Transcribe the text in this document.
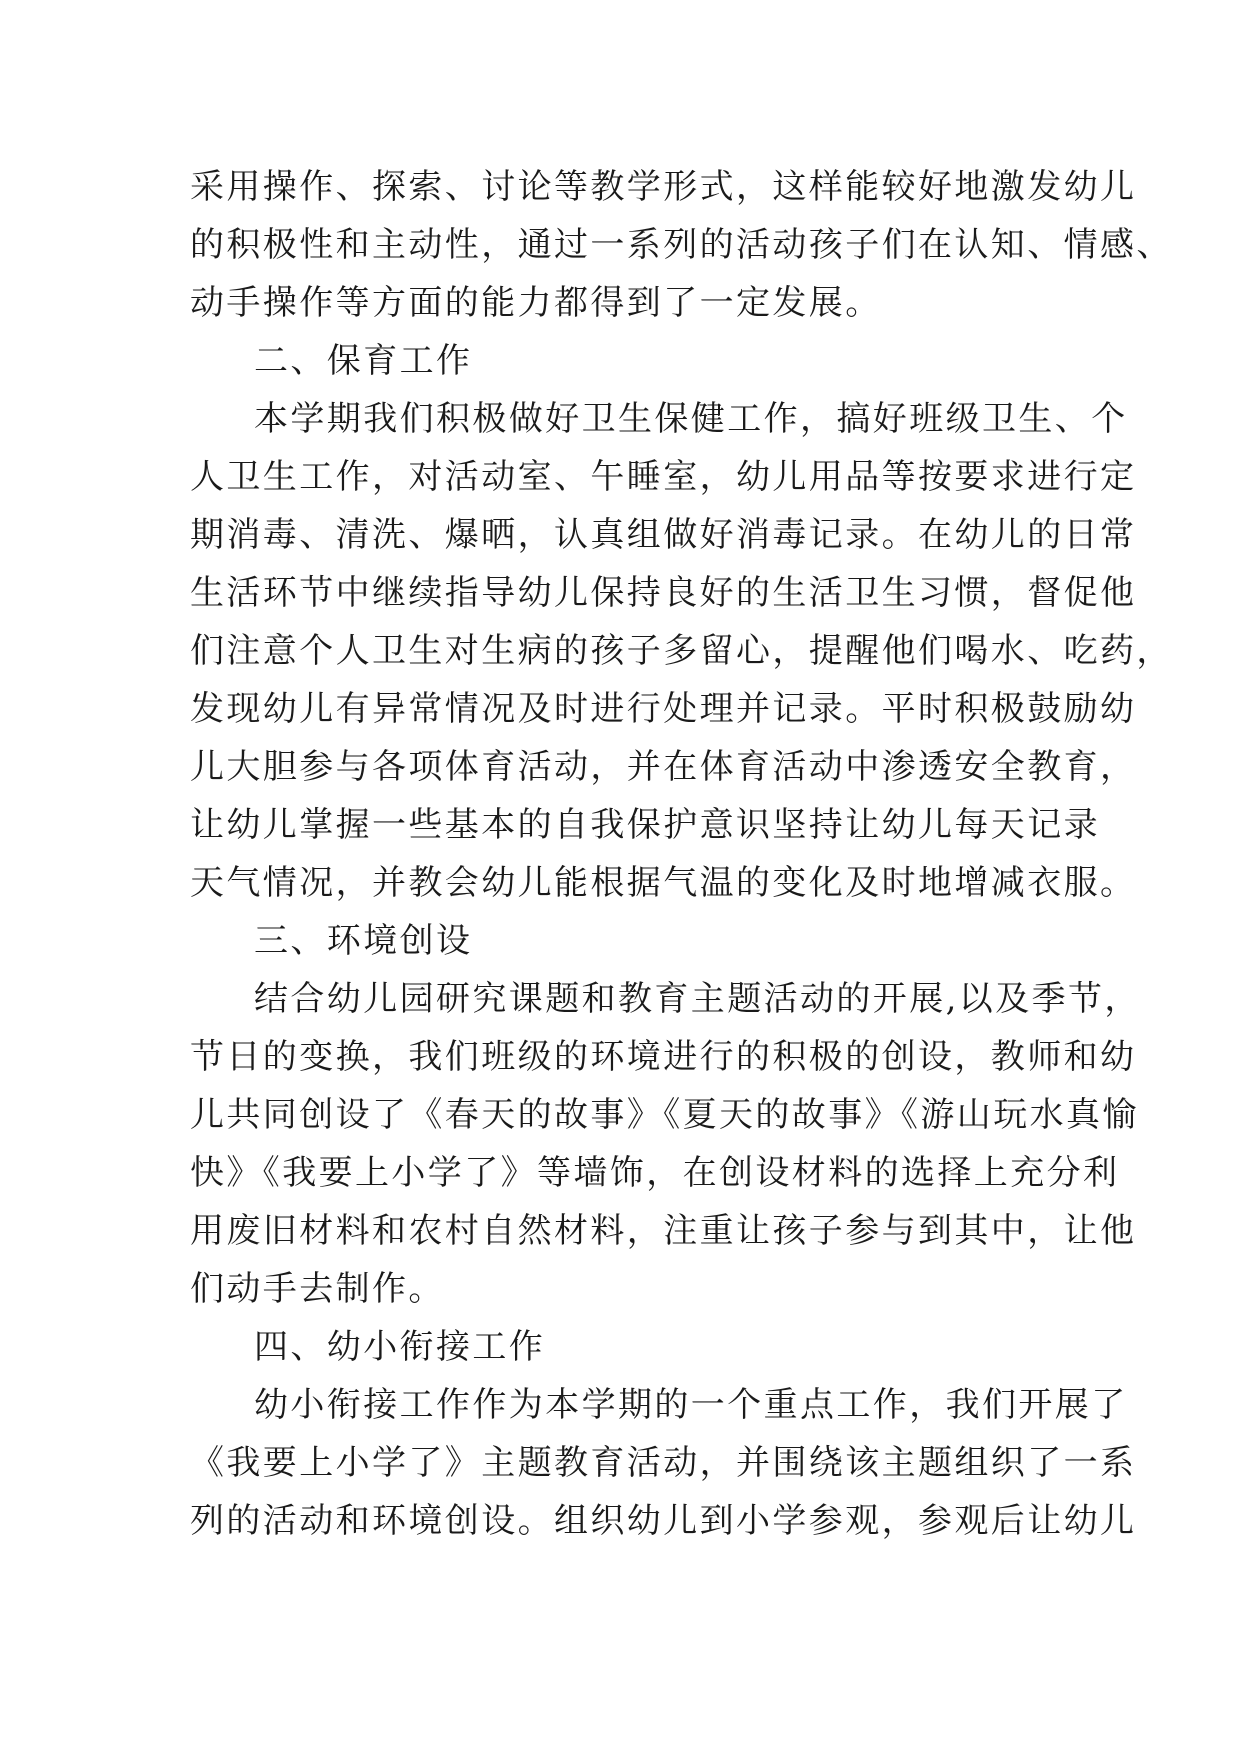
采用操作、探索、讨论等教学形式，这样能较好地激发幼儿
的积极性和主动性，通过一系列的活动孩子们在认知、情感、
动手操作等方面的能力都得到了一定发展。
二、保育工作
本学期我们积极做好卫生保健工作，搞好班级卫生、个
人卫生工作，对活动室、午睡室，幼儿用品等按要求进行定
期消毒、清洗、爆晒，认真组做好消毒记录。在幼儿的日常
生活环节中继续指导幼儿保持良好的生活卫生习惯，督促他
们注意个人卫生对生病的孩子多留心，提醒他们喝水、吃药，
发现幼儿有异常情况及时进行处理并记录。平时积极鼓励幼
儿大胆参与各项体育活动，并在体育活动中渗透安全教育，
让幼儿掌握一些基本的自我保护意识坚持让幼儿每天记录
天气情况，并教会幼儿能根据气温的变化及时地增减衣服。
三、环境创设
结合幼儿园研究课题和教育主题活动的开展,以及季节，
节日的变换，我们班级的环境进行的积极的创设，教师和幼
儿共同创设了《春天的故事》《夏天的故事》《游山玩水真愉
快》《我要上小学了》等墙饰，在创设材料的选择上充分利
用废旧材料和农村自然材料，注重让孩子参与到其中，让他
们动手去制作。
四、幼小衔接工作
幼小衔接工作作为本学期的一个重点工作，我们开展了
《我要上小学了》主题教育活动，并围绕该主题组织了一系
列的活动和环境创设。组织幼儿到小学参观，参观后让幼儿
